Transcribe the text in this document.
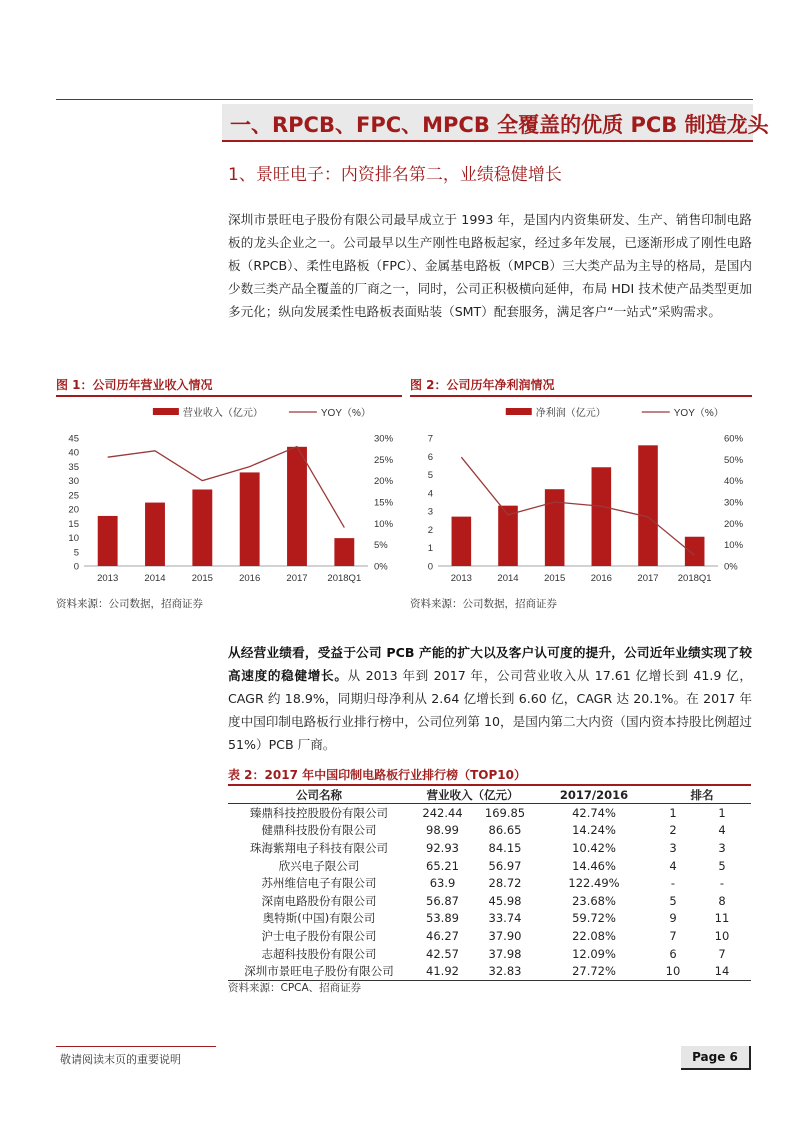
一、RPCB、FPC、MPCB 全覆盖的优质 PCB 制造龙头
1、景旺电子：内资排名第二，业绩稳健增长
深圳市景旺电子股份有限公司最早成立于 1993 年，是国内内资集研发、生产、销售印制电路板的龙头企业之一。公司最早以生产刚性电路板起家，经过多年发展，已逐渐形成了刚性电路板（RPCB）、柔性电路板（FPC）、金属基电路板（MPCB）三大类产品为主导的格局，是国内少数三类产品全覆盖的厂商之一，同时，公司正积极横向延伸，布局 HDI 技术使产品类型更加多元化；纵向发展柔性电路板表面贴装（SMT）配套服务，满足客户“一站式”采购需求。
图 1：公司历年营业收入情况
营业收入（亿元）	YOY（%）
0
5
10
15
20
25
30
35
40
45
0%
5%
10%
15%
20%
25%
30%
2013	2014	2015	2016	2017 2018Q1
资料来源：公司数据，招商证券
图 2：公司历年净利润情况
净利润（亿元）	YOY（%）
0
1
2
3
4
5
6
7
0%
10%
20%
30%
40%
50%
60%
2013	2014	2015	2016	2017 2018Q1
资料来源：公司数据，招商证券
从经营业绩看，受益于公司 PCB 产能的扩大以及客户认可度的提升，公司近年业绩实现了较高速度的稳健增长。从 2013 年到 2017 年，公司营业收入从 17.61 亿增长到 41.9 亿，CAGR 约 18.9%，同期归母净利从 2.64 亿增长到 6.60 亿，CAGR 达 20.1%。在 2017 年度中国印制电路板行业排行榜中，公司位列第 10，是国内第二大内资（国内资本持股比例超过 51%）PCB 厂商。
表 2：2017 年中国印制电路板行业排行榜（TOP10）
公司名称	营业收入（亿元）		2017/2016	排名	
臻鼎科技控股股份有限公司	242.44	169.85	42.74%	1	1
健鼎科技股份有限公司	98.99	86.65	14.24%	2	4
珠海紫翔电子科技有限公司	92.93	84.15	10.42%	3	3
欣兴电子限公司	65.21	56.97	14.46%	4	5
苏州维信电子有限公司	63.9	28.72	122.49%	-	-
深南电路股份有限公司	56.87	45.98	23.68%	5	8
奥特斯(中国)有限公司	53.89	33.74	59.72%	9	11
沪士电子股份有限公司	46.27	37.90	22.08%	7	10
志超科技股份有限公司	42.57	37.98	12.09%	6	7
深圳市景旺电子股份有限公司	41.92	32.83	27.72%	10	14
资料来源：CPCA、招商证券
敬请阅读末页的重要说明	Page 6
